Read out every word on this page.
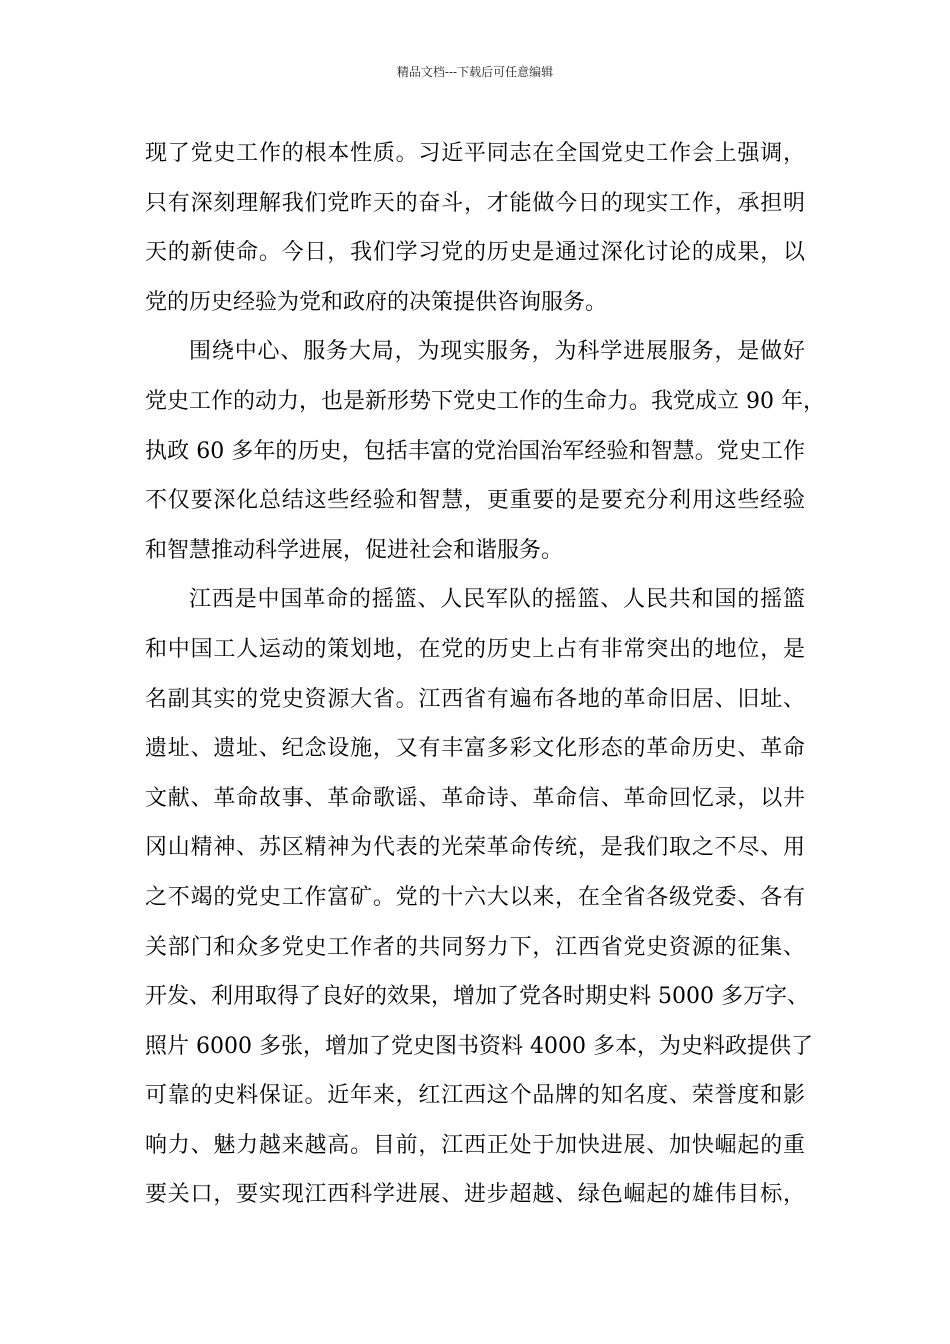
精品文档---下载后可任意编辑
现了党史工作的根本性质。习近平同志在全国党史工作会上强调，
只有深刻理解我们党昨天的奋斗，才能做今日的现实工作，承担明
天的新使命。今日，我们学习党的历史是通过深化讨论的成果，以
党的历史经验为党和政府的决策提供咨询服务。
围绕中心、服务大局，为现实服务，为科学进展服务，是做好
党史工作的动力，也是新形势下党史工作的生命力。我党成立 90 年，
执政 60 多年的历史，包括丰富的党治国治军经验和智慧。党史工作
不仅要深化总结这些经验和智慧，更重要的是要充分利用这些经验
和智慧推动科学进展，促进社会和谐服务。
江西是中国革命的摇篮、人民军队的摇篮、人民共和国的摇篮
和中国工人运动的策划地，在党的历史上占有非常突出的地位，是
名副其实的党史资源大省。江西省有遍布各地的革命旧居、旧址、
遗址、遗址、纪念设施，又有丰富多彩文化形态的革命历史、革命
文献、革命故事、革命歌谣、革命诗、革命信、革命回忆录，以井
冈山精神、苏区精神为代表的光荣革命传统，是我们取之不尽、用
之不竭的党史工作富矿。党的十六大以来，在全省各级党委、各有
关部门和众多党史工作者的共同努力下，江西省党史资源的征集、
开发、利用取得了良好的效果，增加了党各时期史料 5000 多万字、
照片 6000 多张，增加了党史图书资料 4000 多本，为史料政提供了
可靠的史料保证。近年来，红江西这个品牌的知名度、荣誉度和影
响力、魅力越来越高。目前，江西正处于加快进展、加快崛起的重
要关口，要实现江西科学进展、进步超越、绿色崛起的雄伟目标，
